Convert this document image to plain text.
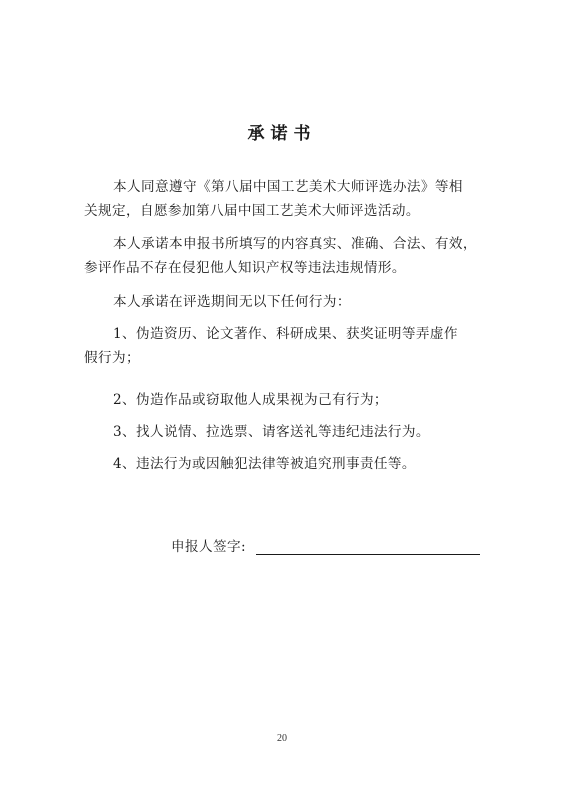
承诺书
本人同意遵守《第八届中国工艺美术大师评选办法》等相
关规定，自愿参加第八届中国工艺美术大师评选活动。
本人承诺本申报书所填写的内容真实、准确、合法、有效，
参评作品不存在侵犯他人知识产权等违法违规情形。
本人承诺在评选期间无以下任何行为：
1、伪造资历、论文著作、科研成果、获奖证明等弄虚作
假行为；
2、伪造作品或窃取他人成果视为己有行为；
3、找人说情、拉选票、请客送礼等违纪违法行为。
4、违法行为或因触犯法律等被追究刑事责任等。
申报人签字:
20
